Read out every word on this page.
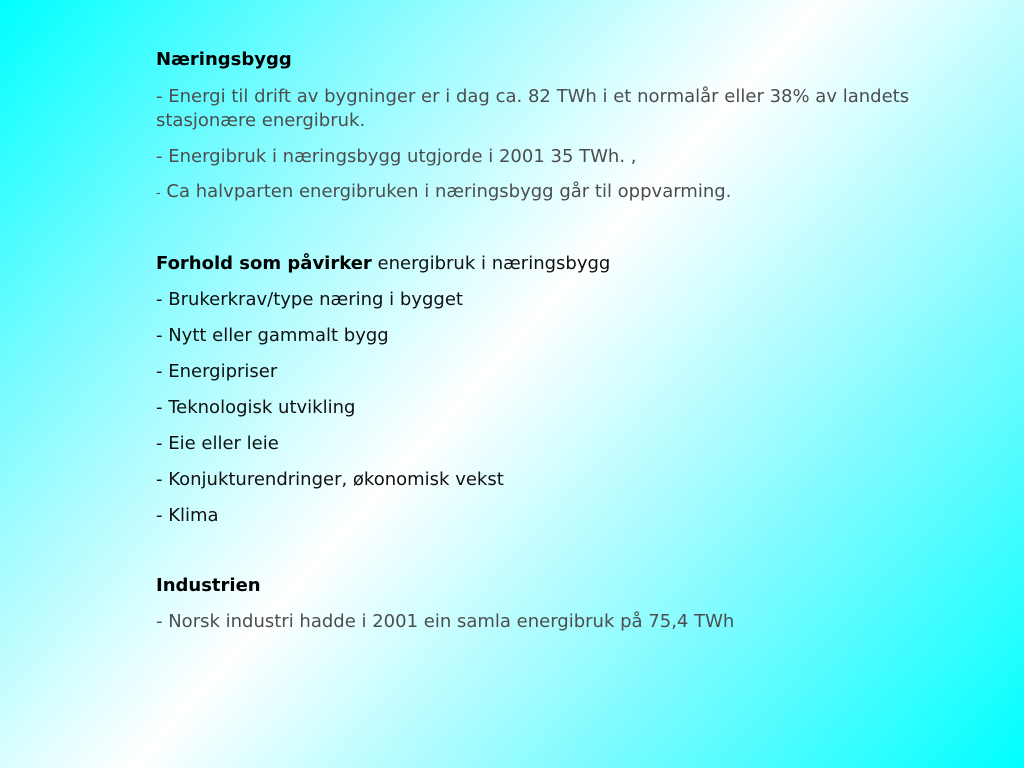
Næringsbygg
- Energi til drift av bygninger er i dag ca. 82 TWh i et normalår eller 38% av landets stasjonære energibruk.
- Energibruk i næringsbygg utgjorde i 2001 35 TWh. ,
- Ca halvparten energibruken i næringsbygg går til oppvarming.
Forhold som påvirker energibruk i næringsbygg
- Brukerkrav/type næring i bygget
- Nytt eller gammalt bygg
- Energipriser
- Teknologisk utvikling
- Eie eller leie
- Konjukturendringer, økonomisk vekst
- Klima
Industrien
- Norsk industri hadde i 2001 ein samla energibruk på 75,4 TWh
